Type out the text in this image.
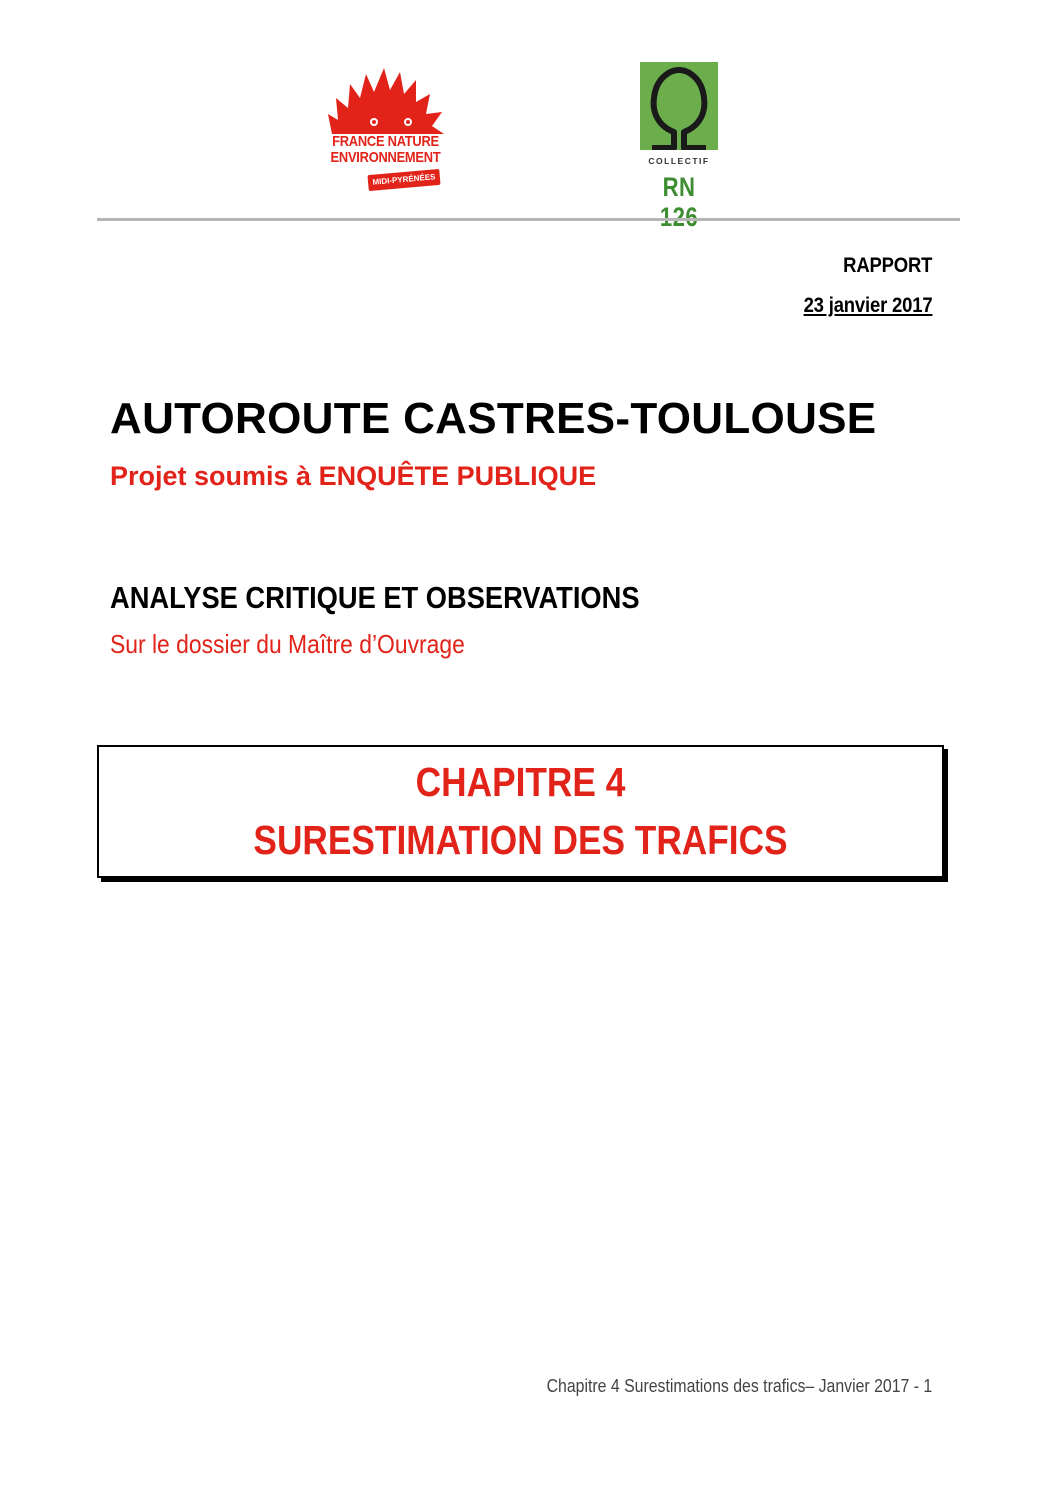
FRANCE NATURE
ENVIRONNEMENT
MIDI-PYRÉNÉES
COLLECTIF
RN 126
RAPPORT
23 janvier 2017
AUTOROUTE CASTRES-TOULOUSE
Projet soumis à ENQUÊTE PUBLIQUE
ANALYSE CRITIQUE ET OBSERVATIONS
Sur le dossier du Maître d’Ouvrage
CHAPITRE 4
SURESTIMATION DES TRAFICS
Chapitre 4 Surestimations des trafics– Janvier 2017 - 1
